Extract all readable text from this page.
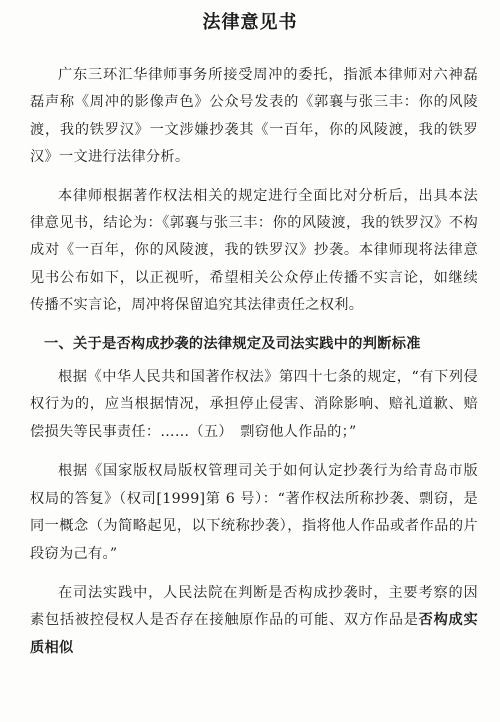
法律意见书

广东三环汇华律师事务所接受周冲的委托，指派本律师对六神磊磊声称《周冲的影像声色》公众号发表的《郭襄与张三丰：你的风陵渡，我的铁罗汉》一文涉嫌抄袭其《一百年，你的风陵渡，我的铁罗汉》一文进行法律分析。

本律师根据著作权法相关的规定进行全面比对分析后，出具本法律意见书，结论为：《郭襄与张三丰：你的风陵渡，我的铁罗汉》不构成对《一百年，你的风陵渡，我的铁罗汉》抄袭。本律师现将法律意见书公布如下，以正视听，希望相关公众停止传播不实言论，如继续传播不实言论，周冲将保留追究其法律责任之权利。

一、关于是否构成抄袭的法律规定及司法实践中的判断标准

根据《中华人民共和国著作权法》第四十七条的规定，“有下列侵权行为的，应当根据情况，承担停止侵害、消除影响、赔礼道歉、赔偿损失等民事责任：……（五）　剽窃他人作品的；”

根据《国家版权局版权管理司关于如何认定抄袭行为给青岛市版权局的答复》（权司[1999]第 6 号）：“著作权法所称抄袭、剽窃，是同一概念（为简略起见，以下统称抄袭），指将他人作品或者作品的片段窃为己有。”

在司法实践中，人民法院在判断是否构成抄袭时，主要考察的因素包括被控侵权人是否存在接触原作品的可能、双方作品是否构成实质相似
